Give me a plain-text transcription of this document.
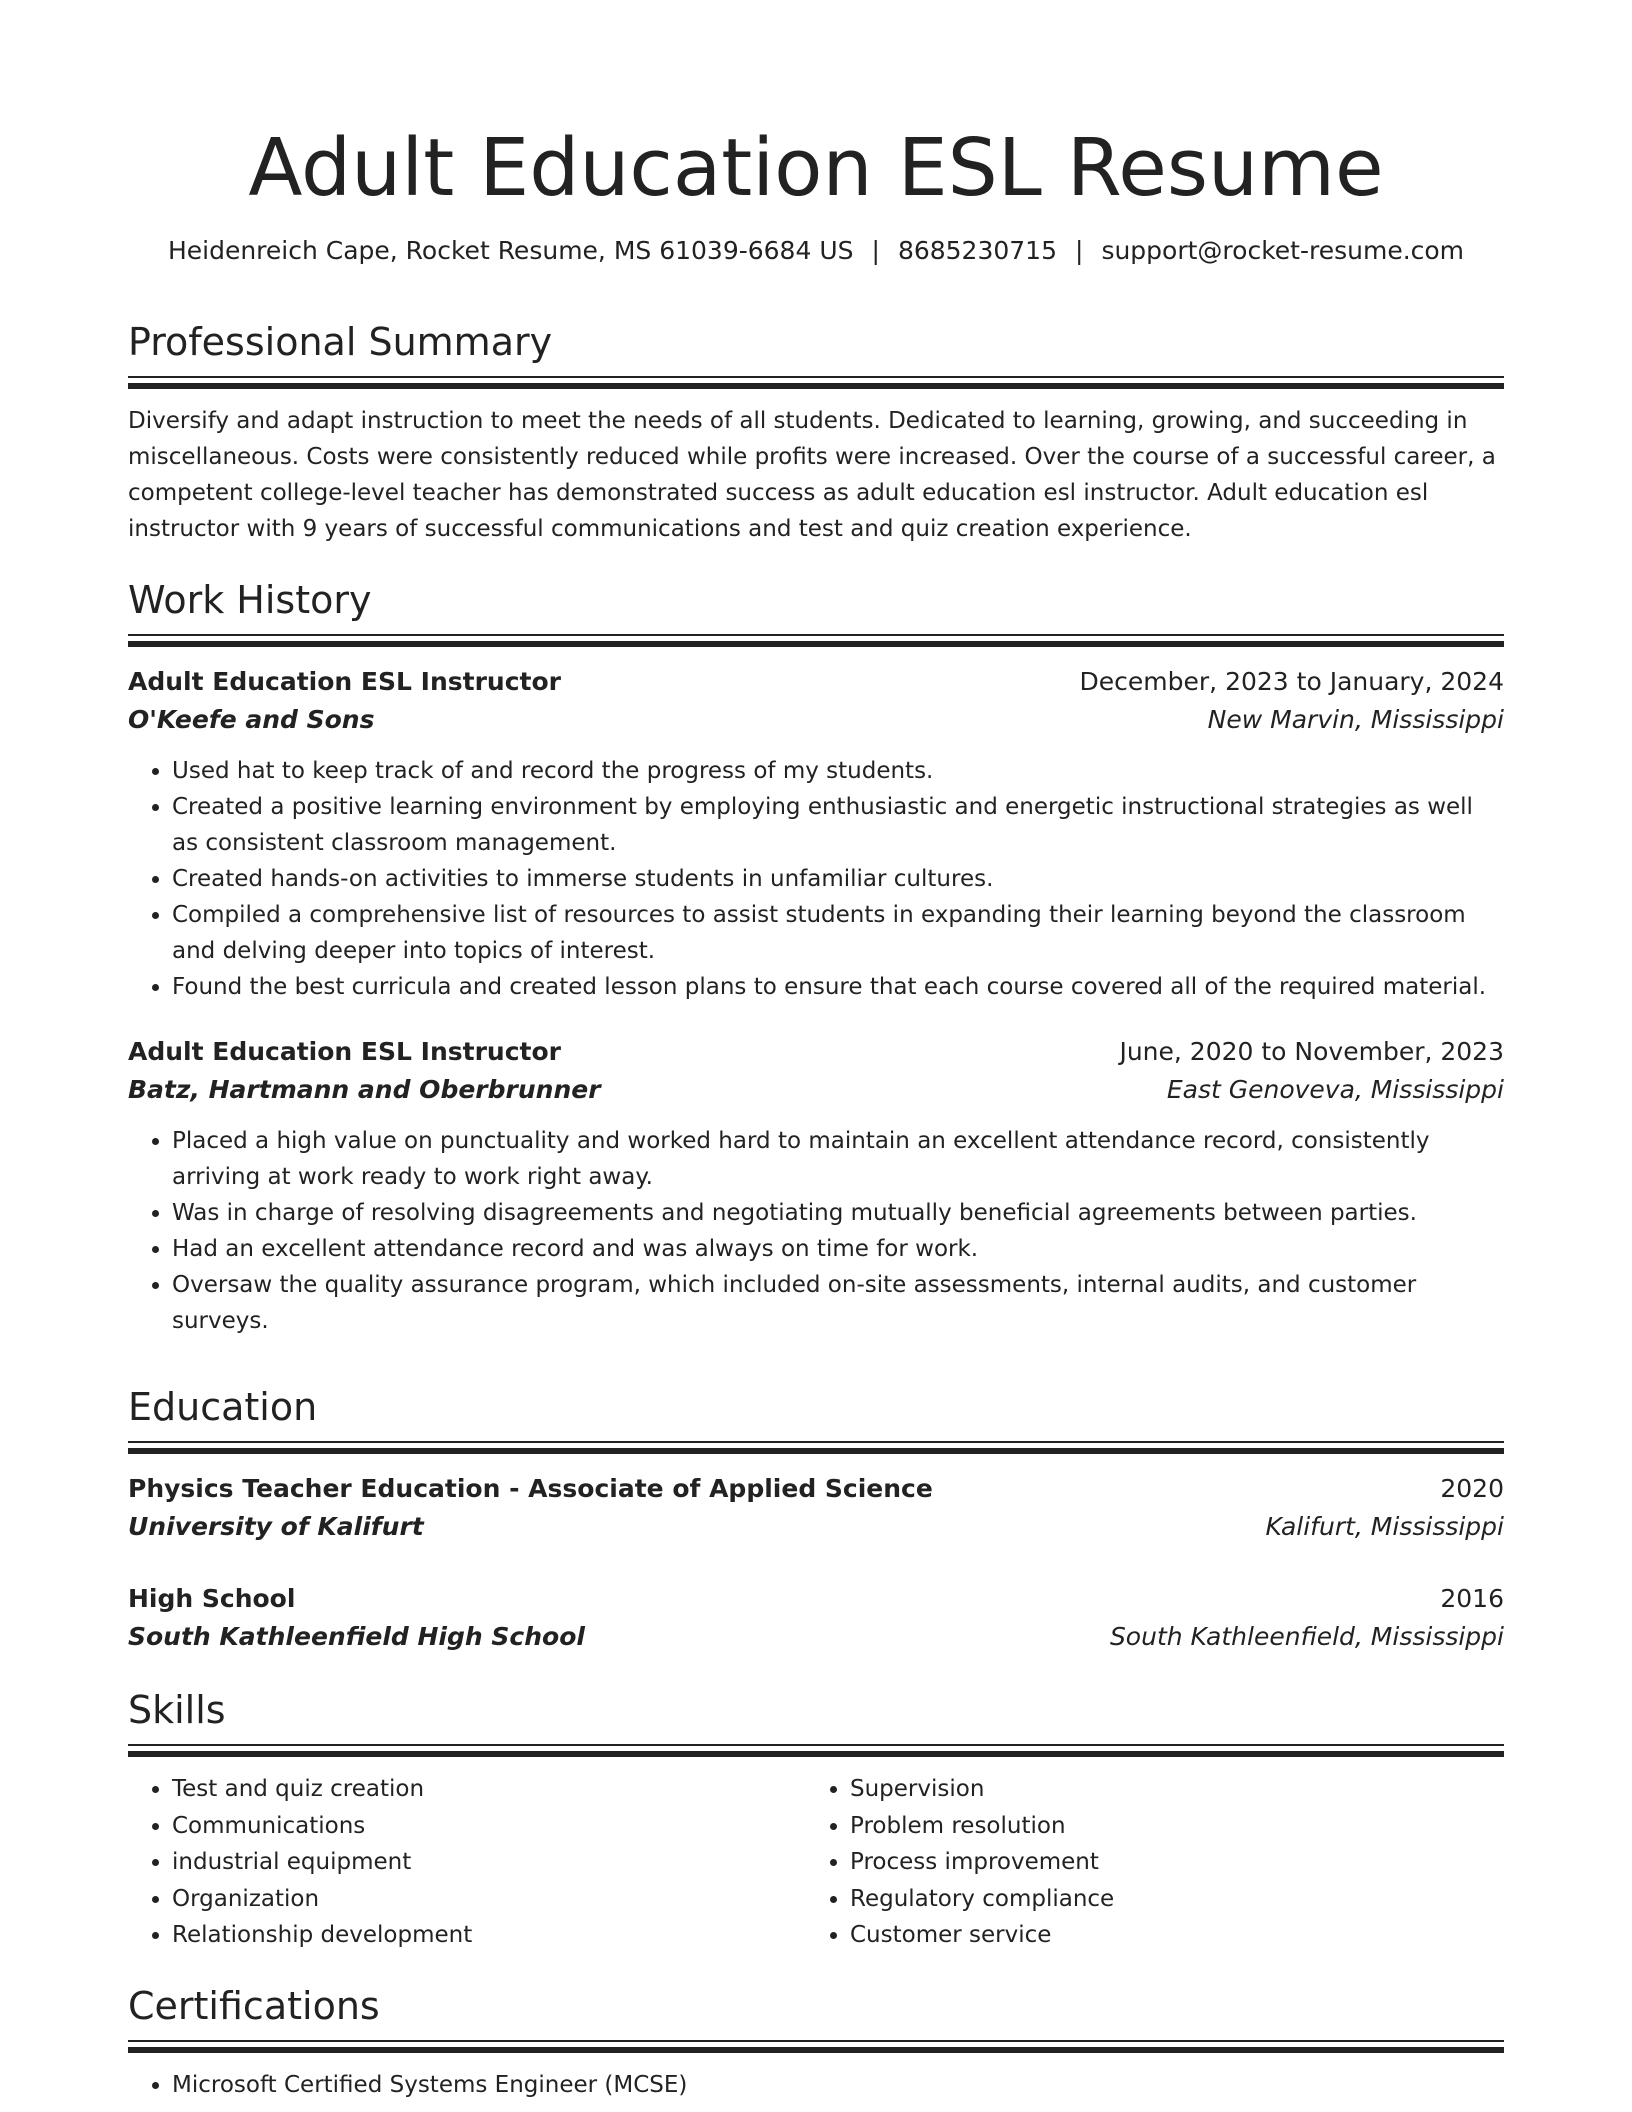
Adult Education ESL Resume
Heidenreich Cape, Rocket Resume, MS 61039-6684 US | 8685230715 | support@rocket-resume.com
Professional Summary
Diversify and adapt instruction to meet the needs of all students. Dedicated to learning, growing, and succeeding in miscellaneous. Costs were consistently reduced while profits were increased. Over the course of a successful career, a competent college-level teacher has demonstrated success as adult education esl instructor. Adult education esl instructor with 9 years of successful communications and test and quiz creation experience.
Work History
Adult Education ESL Instructor	December, 2023 to January, 2024
O'Keefe and Sons	New Marvin, Mississippi
• Used hat to keep track of and record the progress of my students.
• Created a positive learning environment by employing enthusiastic and energetic instructional strategies as well as consistent classroom management.
• Created hands-on activities to immerse students in unfamiliar cultures.
• Compiled a comprehensive list of resources to assist students in expanding their learning beyond the classroom and delving deeper into topics of interest.
• Found the best curricula and created lesson plans to ensure that each course covered all of the required material.
Adult Education ESL Instructor	June, 2020 to November, 2023
Batz, Hartmann and Oberbrunner	East Genoveva, Mississippi
• Placed a high value on punctuality and worked hard to maintain an excellent attendance record, consistently arriving at work ready to work right away.
• Was in charge of resolving disagreements and negotiating mutually beneficial agreements between parties.
• Had an excellent attendance record and was always on time for work.
• Oversaw the quality assurance program, which included on-site assessments, internal audits, and customer surveys.
Education
Physics Teacher Education - Associate of Applied Science	2020
University of Kalifurt	Kalifurt, Mississippi
High School	2016
South Kathleenfield High School	South Kathleenfield, Mississippi
Skills
• Test and quiz creation
• Communications
• industrial equipment
• Organization
• Relationship development
• Supervision
• Problem resolution
• Process improvement
• Regulatory compliance
• Customer service
Certifications
• Microsoft Certified Systems Engineer (MCSE)
